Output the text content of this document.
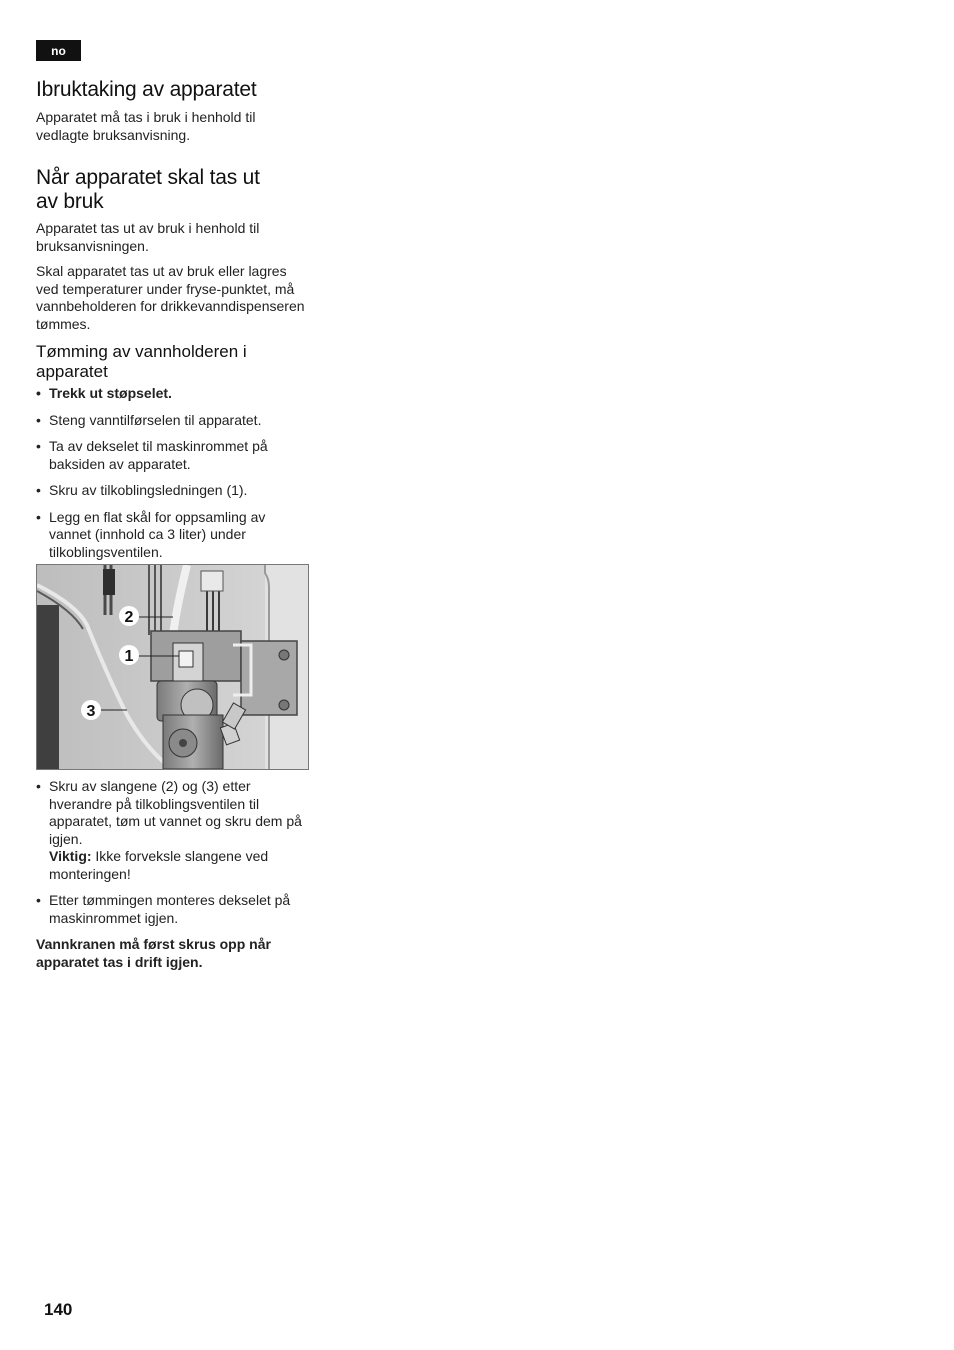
no
Ibruktaking av apparatet

Apparatet må tas i bruk i henhold til vedlagte bruksanvisning.

Når apparatet skal tas ut av bruk

Apparatet tas ut av bruk i henhold til bruksanvisningen.

Skal apparatet tas ut av bruk eller lagres ved temperaturer under fryse-punktet, må vannbeholderen for drikkevanndispenseren tømmes.

Tømming av vannholderen i apparatet
• Trekk ut støpselet.
• Steng vanntilførselen til apparatet.
• Ta av dekselet til maskinrommet på baksiden av apparatet.
• Skru av tilkoblingsledningen (1).
• Legg en flat skål for oppsamling av vannet (innhold ca 3 liter) under tilkoblingsventilen.
2
1
3
• Skru av slangene (2) og (3) etter hverandre på tilkoblingsventilen til apparatet, tøm ut vannet og skru dem på igjen.
Viktig: Ikke forveksle slangene ved monteringen!
• Etter tømmingen monteres dekselet på maskinrommet igjen.

Vannkranen må først skrus opp når apparatet tas i drift igjen.

140
